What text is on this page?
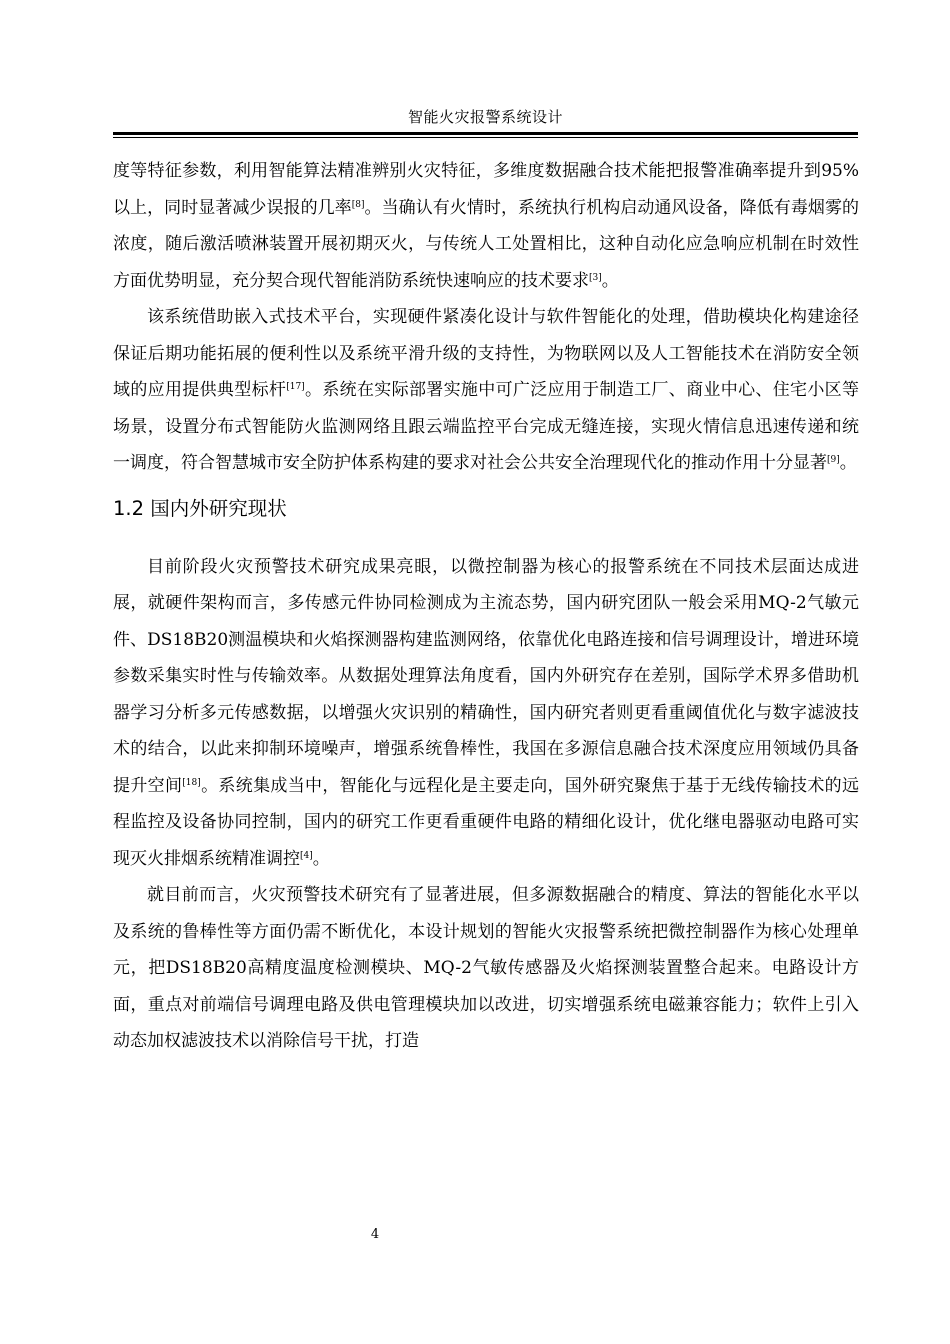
智能火灾报警系统设计

度等特征参数，利用智能算法精准辨别火灾特征，多维度数据融合技术能把报警准确率提升到95%以上，同时显著减少误报的几率[8]。当确认有火情时，系统执行机构启动通风设备，降低有毒烟雾的浓度，随后激活喷淋装置开展初期灭火，与传统人工处置相比，这种自动化应急响应机制在时效性方面优势明显，充分契合现代智能消防系统快速响应的技术要求[3]。

该系统借助嵌入式技术平台，实现硬件紧凑化设计与软件智能化的处理，借助模块化构建途径保证后期功能拓展的便利性以及系统平滑升级的支持性，为物联网以及人工智能技术在消防安全领域的应用提供典型标杆[17]。系统在实际部署实施中可广泛应用于制造工厂、商业中心、住宅小区等场景，设置分布式智能防火监测网络且跟云端监控平台完成无缝连接，实现火情信息迅速传递和统一调度，符合智慧城市安全防护体系构建的要求对社会公共安全治理现代化的推动作用十分显著[9]。

1.2 国内外研究现状

目前阶段火灾预警技术研究成果亮眼，以微控制器为核心的报警系统在不同技术层面达成进展，就硬件架构而言，多传感元件协同检测成为主流态势，国内研究团队一般会采用MQ-2气敏元件、DS18B20测温模块和火焰探测器构建监测网络，依靠优化电路连接和信号调理设计，增进环境参数采集实时性与传输效率。从数据处理算法角度看，国内外研究存在差别，国际学术界多借助机器学习分析多元传感数据，以增强火灾识别的精确性，国内研究者则更看重阈值优化与数字滤波技术的结合，以此来抑制环境噪声，增强系统鲁棒性，我国在多源信息融合技术深度应用领域仍具备提升空间[18]。系统集成当中，智能化与远程化是主要走向，国外研究聚焦于基于无线传输技术的远程监控及设备协同控制，国内的研究工作更看重硬件电路的精细化设计，优化继电器驱动电路可实现灭火排烟系统精准调控[4]。

就目前而言，火灾预警技术研究有了显著进展，但多源数据融合的精度、算法的智能化水平以及系统的鲁棒性等方面仍需不断优化，本设计规划的智能火灾报警系统把微控制器作为核心处理单元，把DS18B20高精度温度检测模块、MQ-2气敏传感器及火焰探测装置整合起来。电路设计方面，重点对前端信号调理电路及供电管理模块加以改进，切实增强系统电磁兼容能力；软件上引入动态加权滤波技术以消除信号干扰，打造

4
